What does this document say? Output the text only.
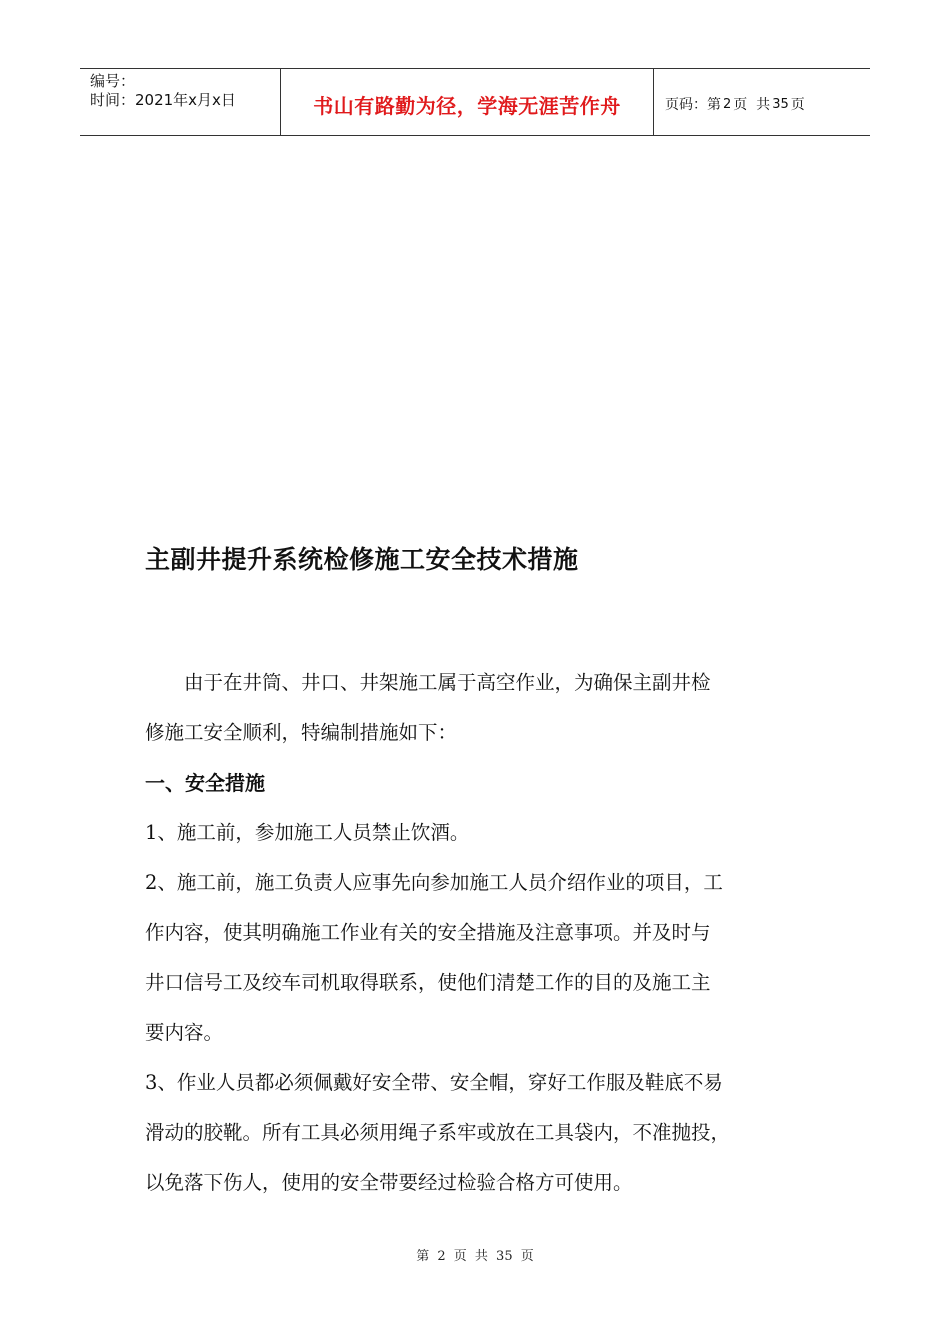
编号：
时间：2021年x月x日	书山有路勤为径，学海无涯苦作舟	页码：第 2 页  共 35 页
主副井提升系统检修施工安全技术措施

由于在井筒、井口、井架施工属于高空作业，为确保主副井检

修施工安全顺利，特编制措施如下：

一、安全措施

1、施工前，参加施工人员禁止饮酒。

2、施工前，施工负责人应事先向参加施工人员介绍作业的项目，工

作内容，使其明确施工作业有关的安全措施及注意事项。并及时与

井口信号工及绞车司机取得联系，使他们清楚工作的目的及施工主

要内容。

3、作业人员都必须佩戴好安全带、安全帽，穿好工作服及鞋底不易

滑动的胶靴。所有工具必须用绳子系牢或放在工具袋内，不准抛投，

以免落下伤人，使用的安全带要经过检验合格方可使用。

第 2 页 共 35 页
